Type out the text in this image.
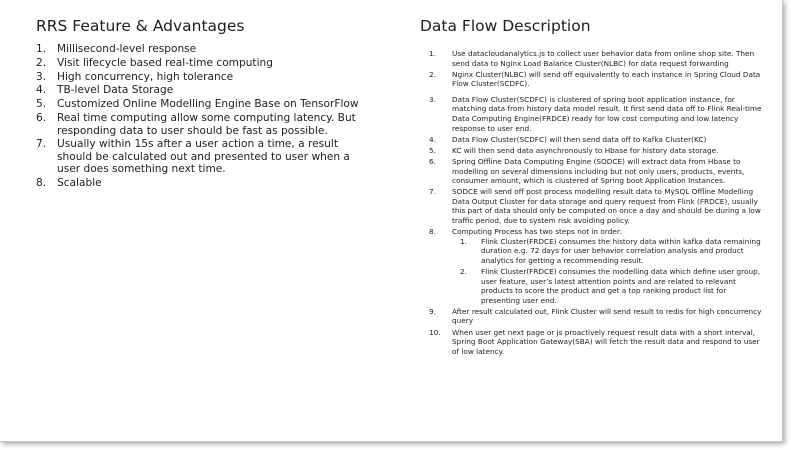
RRS Feature & Advantages
1. Millisecond-level response
2. Visit lifecycle based real-time computing
3. High concurrency, high tolerance
4. TB-level Data Storage
5. Customized Online Modelling Engine Base on TensorFlow
6. Real time computing allow some computing latency. But responding data to user should be fast as possible.
7. Usually within 15s after a user action a time, a result should be calculated out and presented to user when a user does something next time.
8. Scalable
Data Flow Description
1. Use datacloudanalytics.js to collect user behavior data from online shop site. Then send data to Nginx Load Balance Cluster(NLBC) for data request forwarding
2. Nginx Cluster(NLBC) will send off equivalently to each instance in Spring Cloud Data Flow Cluster(SCDFC).
3. Data Flow Cluster(SCDFC) is clustered of spring boot application instance, for matching data from history data model result. It first send data off to Flink Real-time Data Computing Engine(FRDCE) ready for low cost computing and low latency response to user end.
4. Data Flow Cluster(SCDFC) will then send data off to Kafka Cluster(KC)
5. KC will then send data asynchronously to Hbase for history data storage.
6. Spring Offline Data Computing Engine (SODCE) will extract data from Hbase to modelling on several dimensions including but not only users, products, events, consumer amount, which is clustered of Spring boot Application Instances.
7. SODCE will send off post process modelling result data to MySQL Offline Modelling Data Output Cluster for data storage and query request from Flink (FRDCE), usually this part of data should only be computed on once a day and should be during a low traffic period, due to system risk avoiding policy.
8. Computing Process has two steps not in order:
1. Flink Cluster(FRDCE) consumes the history data within kafka data remaining duration e.g. 72 days for user behavior correlation analysis and product analytics for getting a recommending result.
2. Flink Cluster(FRDCE) consumes the modelling data which define user group, user feature, user’s latest attention points and are related to relevant products to score the product and get a top ranking product list for presenting user end.
9. After result calculated out, Flink Cluster will send result to redis for high concurrency query
10. When user get next page or js proactively request result data with a short interval, Spring Boot Application Gateway(SBA) will fetch the result data and respond to user of low latency.
